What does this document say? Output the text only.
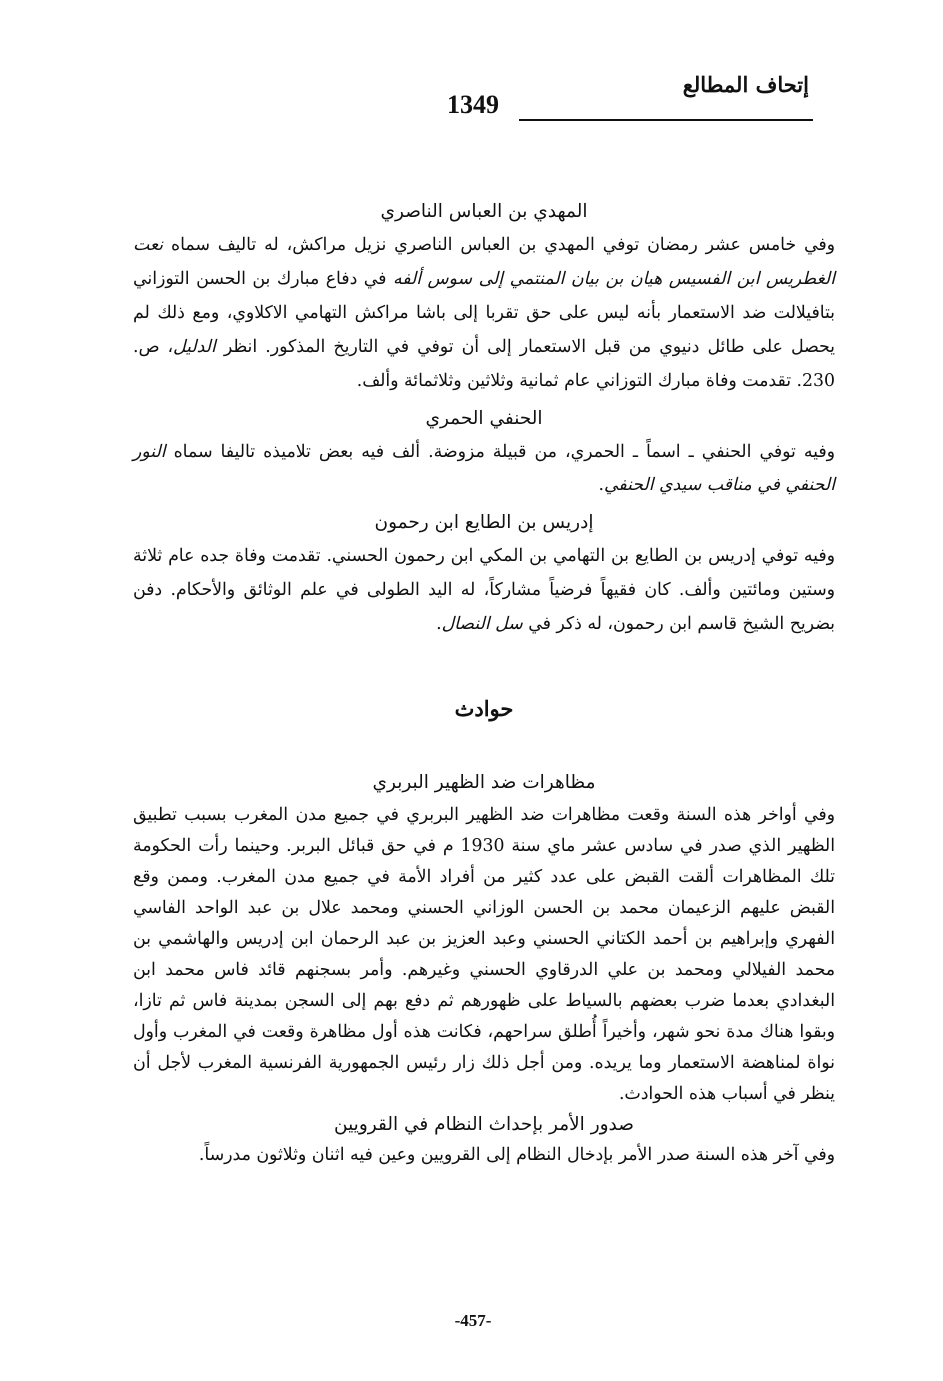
إتحاف المطالع
1349
المهدي بن العباس الناصري

وفي خامس عشر رمضان توفي المهدي بن العباس الناصري نزيل مراكش، له تاليف سماه نعت الغطريس ابن الفسيس هيان بن بيان المنتمي إلى سوس ألفه في دفاع مبارك بن الحسن التوزاني بتافيلالت ضد الاستعمار بأنه ليس على حق تقربا إلى باشا مراكش التهامي الاكلاوي، ومع ذلك لم يحصل على طائل دنيوي من قبل الاستعمار إلى أن توفي في التاريخ المذكور. انظر الدليل، ص. 230. تقدمت وفاة مبارك التوزاني عام ثمانية وثلاثين وثلاثمائة وألف.

الحنفي الحمري

وفيه توفي الحنفي ـ اسماً ـ الحمري، من قبيلة مزوضة. ألف فيه بعض تلاميذه تاليفا سماه النور الحنفي في مناقب سيدي الحنفي.

إدريس بن الطايع ابن رحمون

وفيه توفي إدريس بن الطايع بن التهامي بن المكي ابن رحمون الحسني. تقدمت وفاة جده عام ثلاثة وستين ومائتين وألف. كان فقيهاً فرضياً مشاركاً، له اليد الطولى في علم الوثائق والأحكام. دفن بضريح الشيخ قاسم ابن رحمون، له ذكر في سل النصال.

حوادث
مظاهرات ضد الظهير البربري

وفي أواخر هذه السنة وقعت مظاهرات ضد الظهير البربري في جميع مدن المغرب بسبب تطبيق الظهير الذي صدر في سادس عشر ماي سنة 1930 م في حق قبائل البربر. وحينما رأت الحكومة تلك المظاهرات ألقت القبض على عدد كثير من أفراد الأمة في جميع مدن المغرب. وممن وقع القبض عليهم الزعيمان محمد بن الحسن الوزاني الحسني ومحمد علال بن عبد الواحد الفاسي الفهري وإبراهيم بن أحمد الكتاني الحسني وعبد العزيز بن عبد الرحمان ابن إدريس والهاشمي بن محمد الفيلالي ومحمد بن علي الدرقاوي الحسني وغيرهم. وأمر بسجنهم قائد فاس محمد ابن البغدادي بعدما ضرب بعضهم بالسياط على ظهورهم ثم دفع بهم إلى السجن بمدينة فاس ثم تازا، وبقوا هناك مدة نحو شهر، وأخيراً أُطلق سراحهم، فكانت هذه أول مظاهرة وقعت في المغرب وأول نواة لمناهضة الاستعمار وما يريده. ومن أجل ذلك زار رئيس الجمهورية الفرنسية المغرب لأجل أن ينظر في أسباب هذه الحوادث.

صدور الأمر بإحداث النظام في القرويين

وفي آخر هذه السنة صدر الأمر بإدخال النظام إلى القرويين وعين فيه اثنان وثلاثون مدرساً.

-457-
